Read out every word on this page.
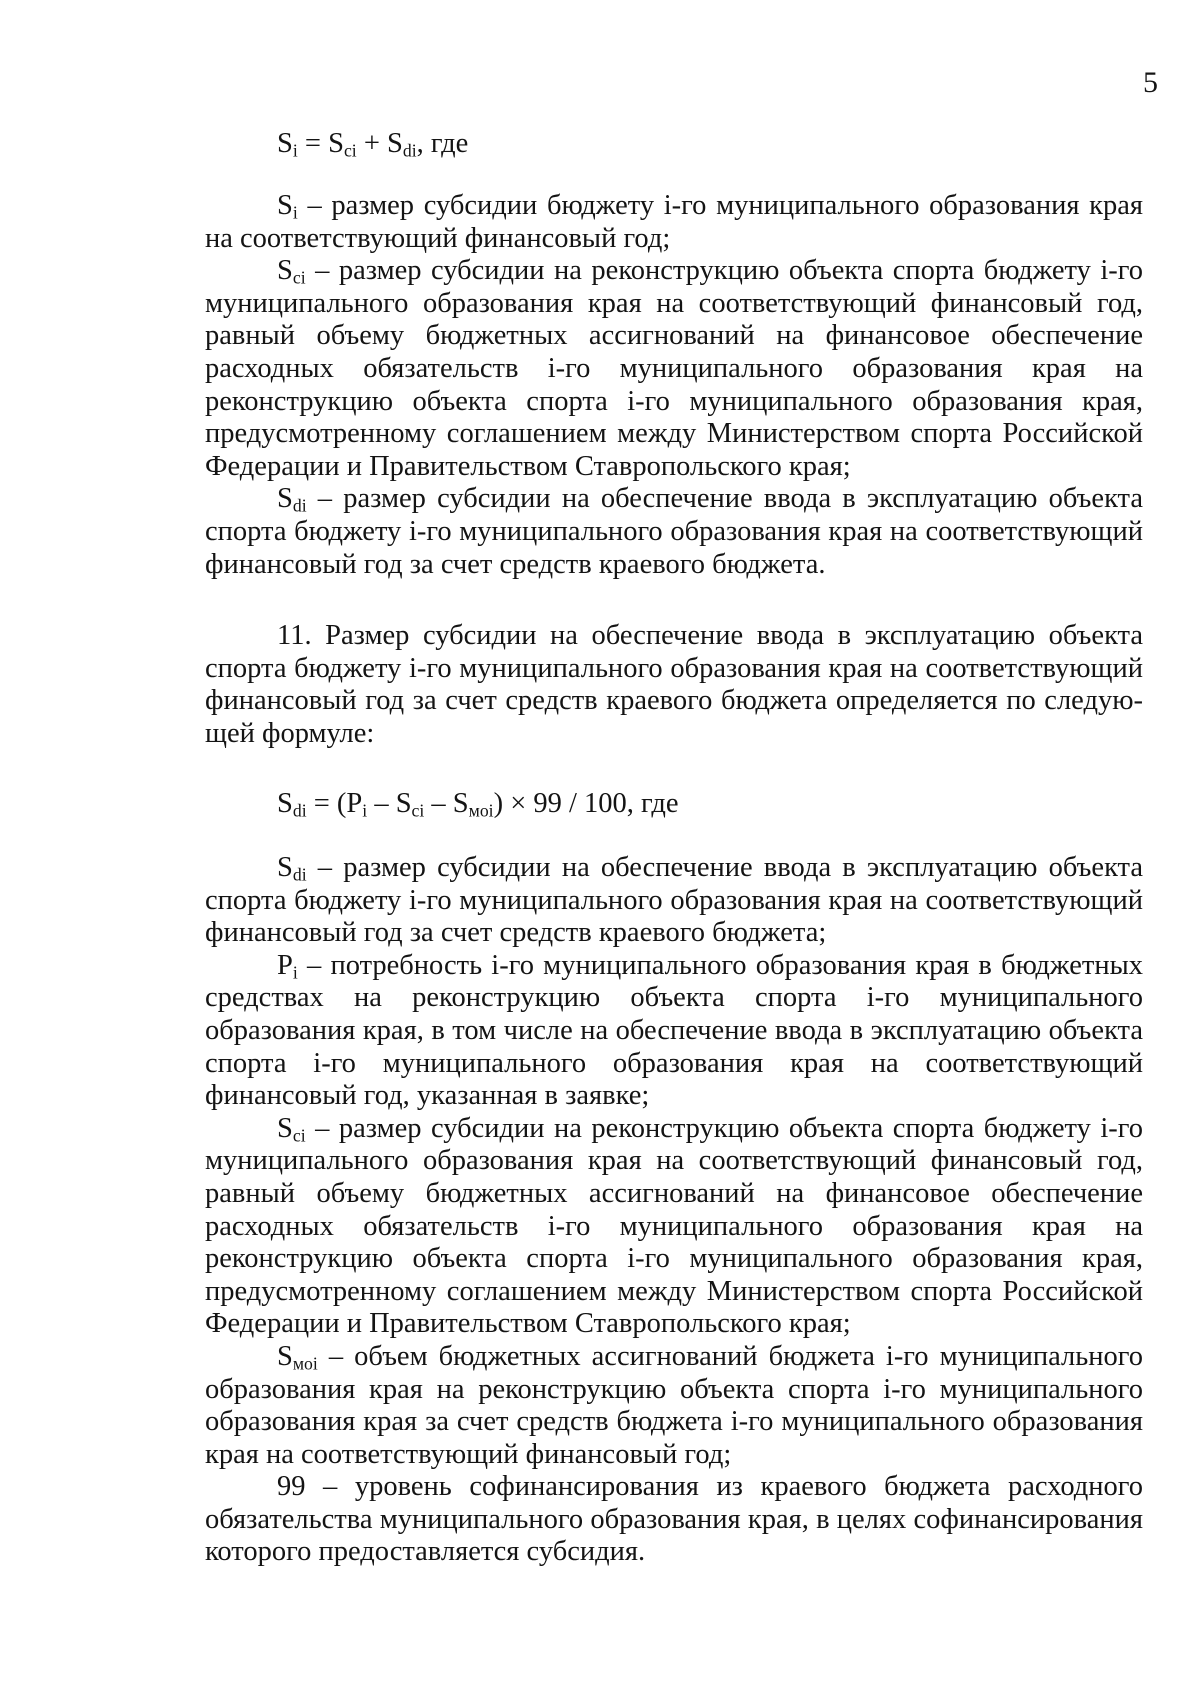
5

$S_i = S_{ci} + S_{di}$, где

$S_i$ – размер субсидии бюджету i-го муниципального образования края на соответствующий финансовый год;

$S_{ci}$ – размер субсидии на реконструкцию объекта спорта бюджету i-го муниципального образования края на соответствующий финансовый год, равный объему бюджетных ассигнований на финансовое обеспечение расходных обязательств i-го муниципального образования края на реконструкцию объекта спорта i-го муниципального образования края, предусмотренному соглашением между Министерством спорта Российской Федерации и Правительством Ставропольского края;

$S_{di}$ – размер субсидии на обеспечение ввода в эксплуатацию объекта спорта бюджету i-го муниципального образования края на соответствующий финансовый год за счет средств краевого бюджета.

11. Размер субсидии на обеспечение ввода в эксплуатацию объекта спорта бюджету i-го муниципального образования края на соответствующий финансовый год за счет средств краевого бюджета определяется по следующей формуле:

$S_{di} = (P_i - S_{ci} - S_{мoi}) \times 99 / 100$, где

$S_{di}$ – размер субсидии на обеспечение ввода в эксплуатацию объекта спорта бюджету i-го муниципального образования края на соответствующий финансовый год за счет средств краевого бюджета;

$P_i$ – потребность i-го муниципального образования края в бюджетных средствах на реконструкцию объекта спорта i-го муниципального образования края, в том числе на обеспечение ввода в эксплуатацию объекта спорта i-го муниципального образования края на соответствующий финансовый год, указанная в заявке;

$S_{ci}$ – размер субсидии на реконструкцию объекта спорта бюджету i-го муниципального образования края на соответствующий финансовый год, равный объему бюджетных ассигнований на финансовое обеспечение расходных обязательств i-го муниципального образования края на реконструкцию объекта спорта i-го муниципального образования края, предусмотренному соглашением между Министерством спорта Российской Федерации и Правительством Ставропольского края;

$S_{мoi}$ – объем бюджетных ассигнований бюджета i-го муниципального образования края на реконструкцию объекта спорта i-го муниципального образования края за счет средств бюджета i-го муниципального образования края на соответствующий финансовый год;

99 – уровень софинансирования из краевого бюджета расходного обязательства муниципального образования края, в целях софинансирования которого предоставляется субсидия.
